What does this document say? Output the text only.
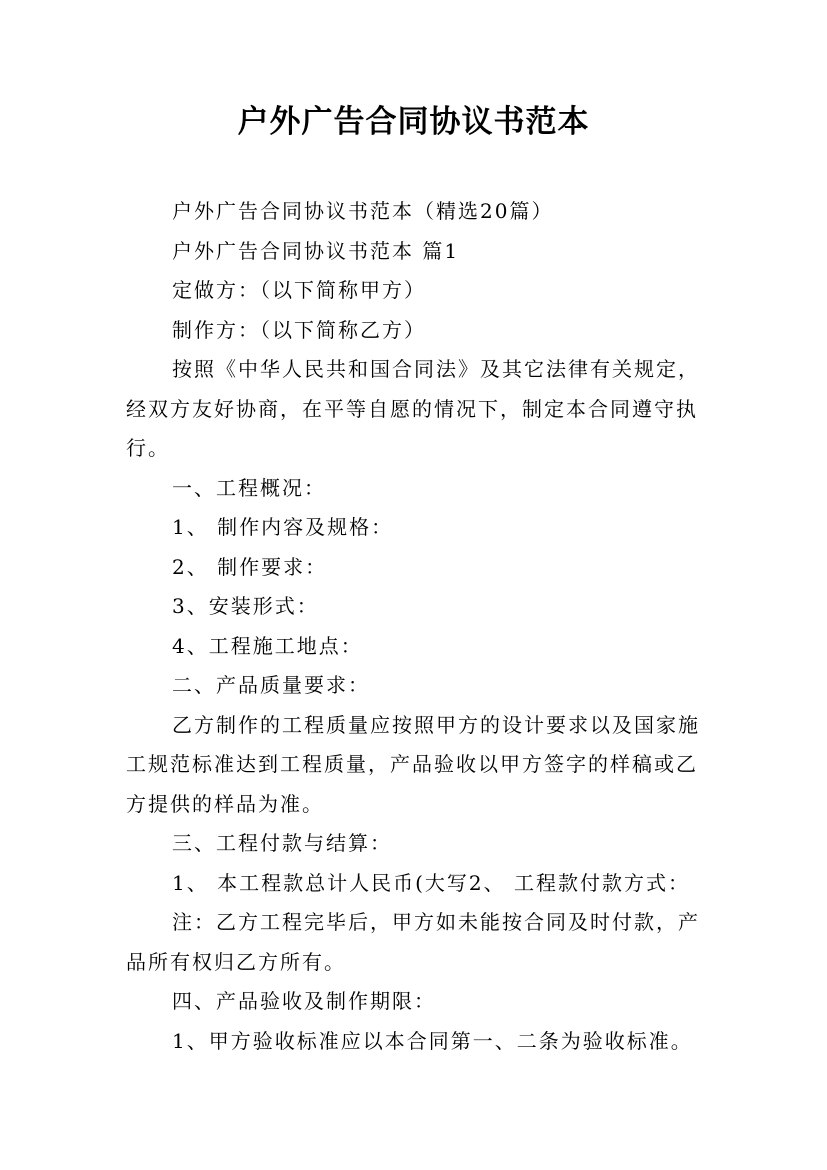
户外广告合同协议书范本

户外广告合同协议书范本（精选20篇）

户外广告合同协议书范本 篇1

定做方：（以下简称甲方）

制作方：（以下简称乙方）

按照《中华人民共和国合同法》及其它法律有关规定，经双方友好协商，在平等自愿的情况下，制定本合同遵守执行。

一、工程概况：

1、 制作内容及规格：

2、 制作要求：

3、安装形式：

4、工程施工地点：

二、产品质量要求：

乙方制作的工程质量应按照甲方的设计要求以及国家施工规范标准达到工程质量，产品验收以甲方签字的样稿或乙方提供的样品为准。

三、工程付款与结算：

1、 本工程款总计人民币(大写2、 工程款付款方式：

注：乙方工程完毕后，甲方如未能按合同及时付款，产品所有权归乙方所有。

四、产品验收及制作期限：

1、甲方验收标准应以本合同第一、二条为验收标准。
